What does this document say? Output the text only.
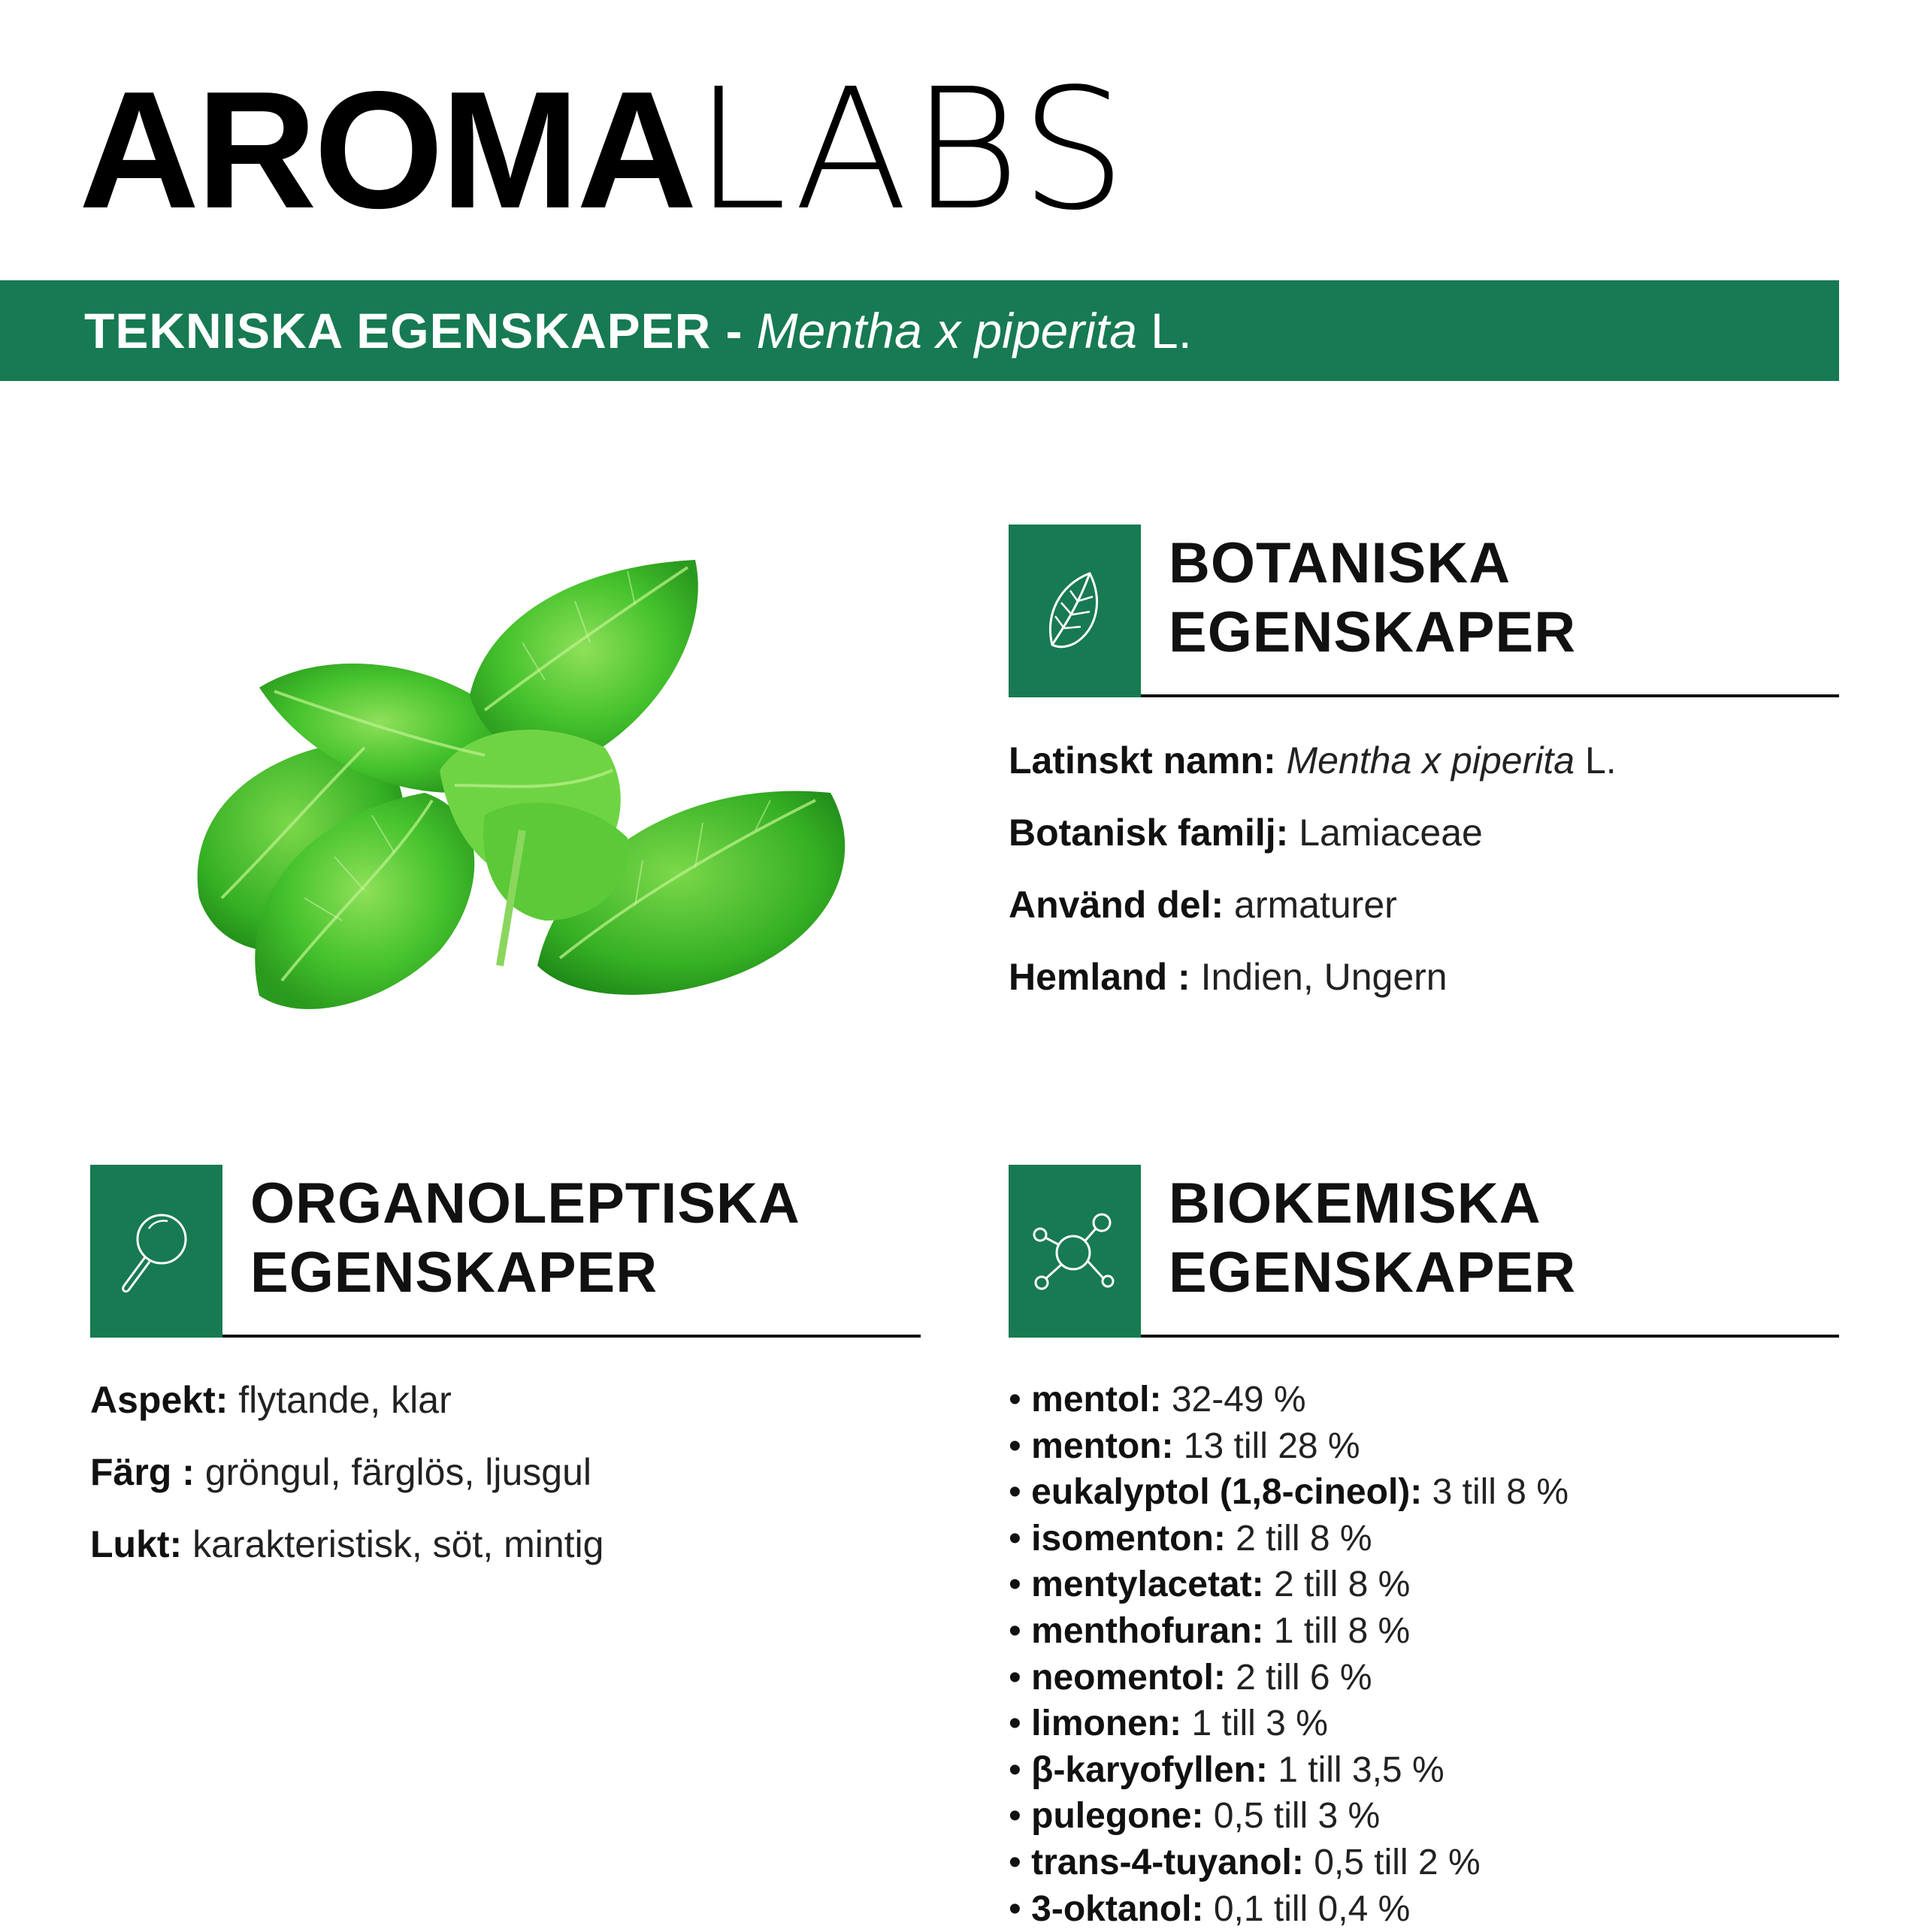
AROMALABS
TEKNISKA EGENSKAPER - Mentha x piperita L.
BOTANISKA
EGENSKAPER
Latinskt namn: Mentha x piperita L.
Botanisk familj: Lamiaceae
Använd del: armaturer
Hemland : Indien, Ungern
ORGANOLEPTISKA
EGENSKAPER
Aspekt: flytande, klar
Färg : gröngul, färglös, ljusgul
Lukt: karakteristisk, söt, mintig
BIOKEMISKA
EGENSKAPER
• mentol: 32-49 %
• menton: 13 till 28 %
• eukalyptol (1,8-cineol): 3 till 8 %
• isomenton: 2 till 8 %
• mentylacetat: 2 till 8 %
• menthofuran: 1 till 8 %
• neomentol: 2 till 6 %
• limonen: 1 till 3 %
• β-karyofyllen: 1 till 3,5 %
• pulegone: 0,5 till 3 %
• trans-4-tuyanol: 0,5 till 2 %
• 3-oktanol: 0,1 till 0,4 %
